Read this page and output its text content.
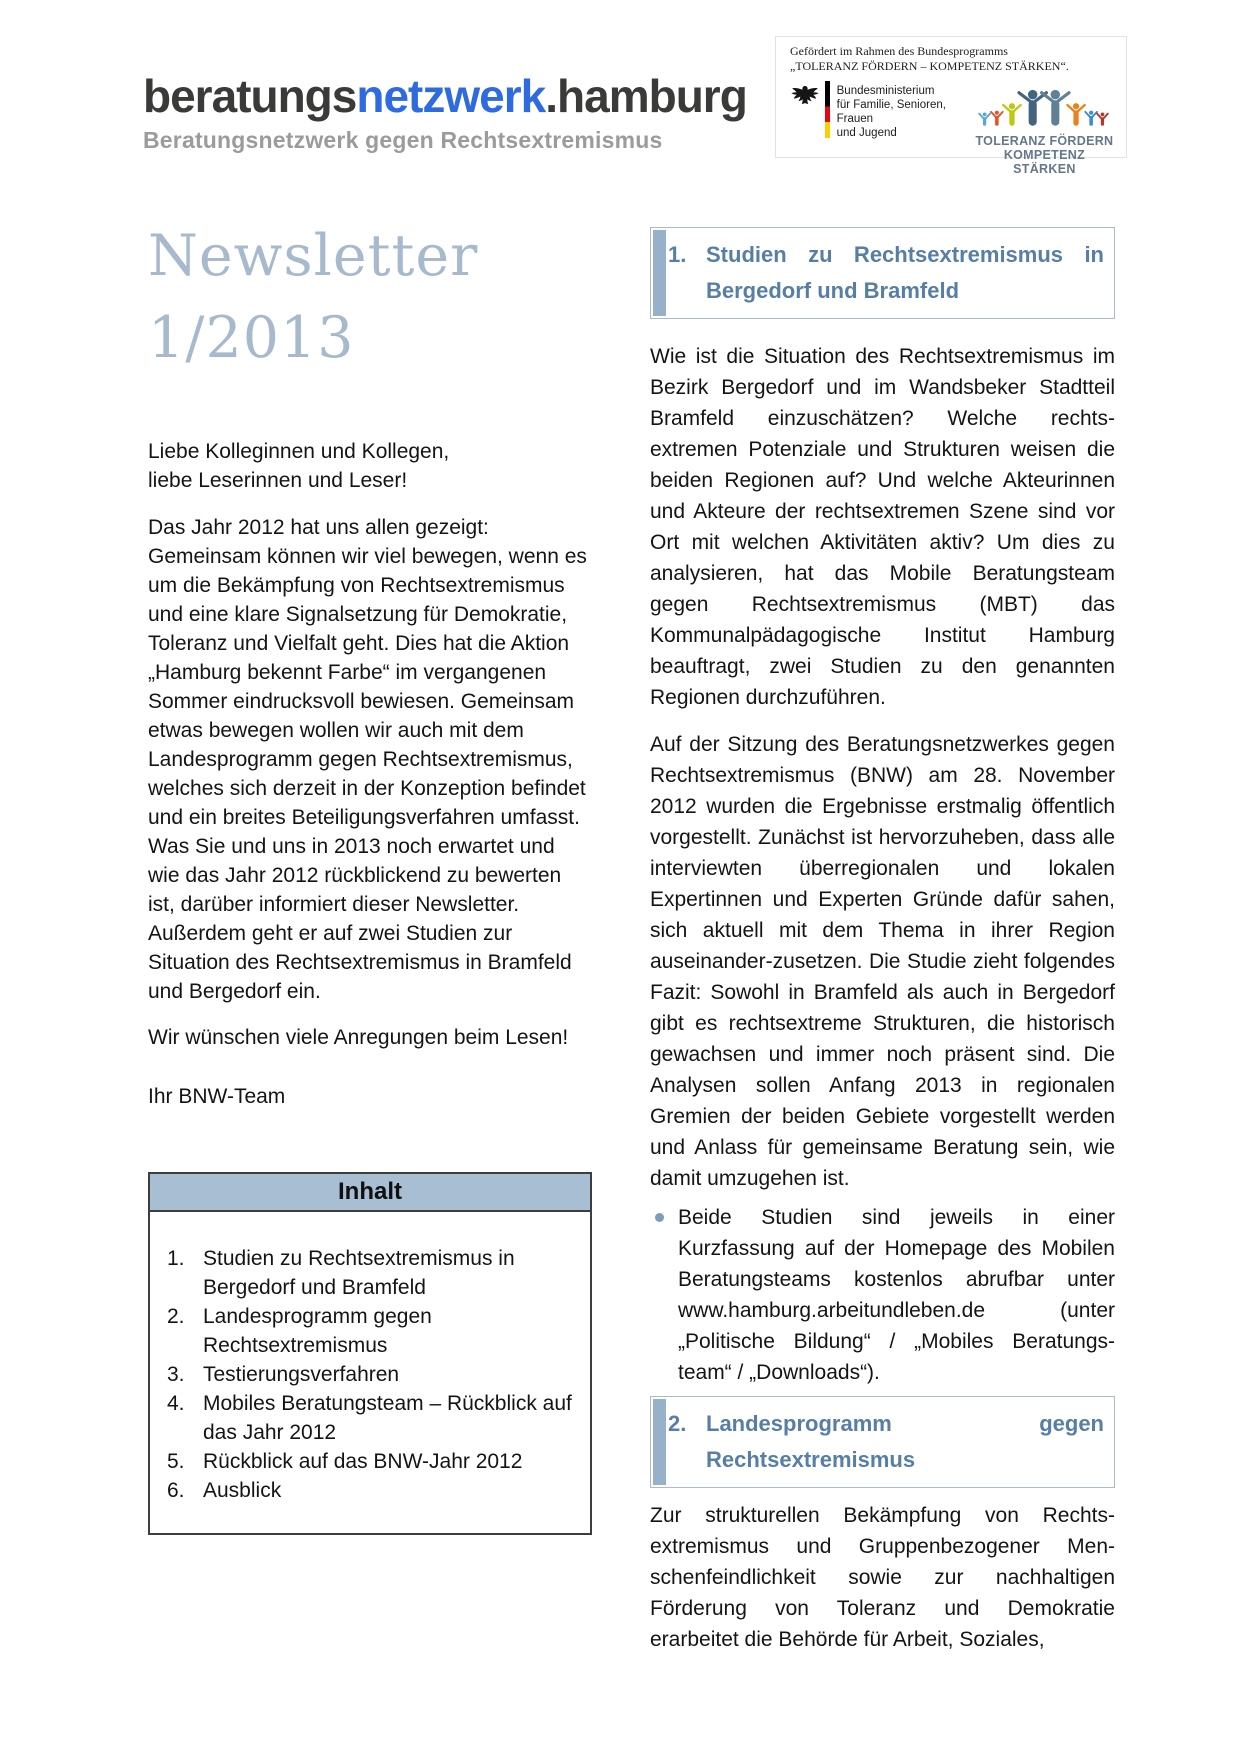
beratungsnetzwerk.hamburg
Beratungsnetzwerk gegen Rechtsextremismus
Gefördert im Rahmen des Bundesprogramms
„TOLERANZ FÖRDERN – KOMPETENZ STÄRKEN“.
Bundesministerium
für Familie, Senioren, Frauen
und Jugend
TOLERANZ FÖRDERN
KOMPETENZ STÄRKEN
Newsletter
1/2013
Liebe Kolleginnen und Kollegen,
liebe Leserinnen und Leser!
Das Jahr 2012 hat uns allen gezeigt: Gemeinsam können wir viel bewegen, wenn es um die Bekämpfung von Rechtsextremismus und eine klare Signalsetzung für Demokratie, Toleranz und Vielfalt geht. Dies hat die Aktion „Hamburg bekennt Farbe“ im vergangenen Sommer eindrucksvoll bewiesen. Gemeinsam etwas bewegen wollen wir auch mit dem Landesprogramm gegen Rechtsextremismus, welches sich derzeit in der Konzeption befindet und ein breites Beteiligungsverfahren umfasst. Was Sie und uns in 2013 noch erwartet und wie das Jahr 2012 rückblickend zu bewerten ist, darüber informiert dieser Newsletter. Außerdem geht er auf zwei Studien zur Situation des Rechtsextremismus in Bramfeld und Bergedorf ein.
Wir wünschen viele Anregungen beim Lesen!
Ihr BNW-Team
Inhalt
1. Studien zu Rechtsextremismus in Bergedorf und Bramfeld
2. Landesprogramm gegen Rechtsextremismus
3. Testierungsverfahren
4. Mobiles Beratungsteam – Rückblick auf das Jahr 2012
5. Rückblick auf das BNW-Jahr 2012
6. Ausblick
1. Studien zu Rechtsextremismus in Bergedorf und Bramfeld

Wie ist die Situation des Rechtsextremismus im Bezirk Bergedorf und im Wandsbeker Stadtteil Bramfeld einzuschätzen? Welche rechts-extremen Potenziale und Strukturen weisen die beiden Regionen auf? Und welche Akteurinnen und Akteure der rechtsextremen Szene sind vor Ort mit welchen Aktivitäten aktiv? Um dies zu analysieren, hat das Mobile Beratungsteam gegen Rechtsextremismus (MBT) das Kommunalpädagogische Institut Hamburg beauftragt, zwei Studien zu den genannten Regionen durchzuführen.

Auf der Sitzung des Beratungsnetzwerkes gegen Rechtsextremismus (BNW) am 28. November 2012 wurden die Ergebnisse erstmalig öffentlich vorgestellt. Zunächst ist hervorzuheben, dass alle interviewten überregionalen und lokalen Expertinnen und Experten Gründe dafür sahen, sich aktuell mit dem Thema in ihrer Region auseinander-zusetzen. Die Studie zieht folgendes Fazit: Sowohl in Bramfeld als auch in Bergedorf gibt es rechtsextreme Strukturen, die historisch gewachsen und immer noch präsent sind. Die Analysen sollen Anfang 2013 in regionalen Gremien der beiden Gebiete vorgestellt werden und Anlass für gemeinsame Beratung sein, wie damit umzugehen ist.

Beide Studien sind jeweils in einer Kurzfassung auf der Homepage des Mobilen Beratungsteams kostenlos abrufbar unter www.hamburg.arbeitundleben.de (unter „Politische Bildung“ / „Mobiles Beratungs-team“ / „Downloads“).
2. Landesprogramm gegen Rechtsextremismus

Zur strukturellen Bekämpfung von Rechts-extremismus und Gruppenbezogener Men-schenfeindlichkeit sowie zur nachhaltigen Förderung von Toleranz und Demokratie erarbeitet die Behörde für Arbeit, Soziales,
